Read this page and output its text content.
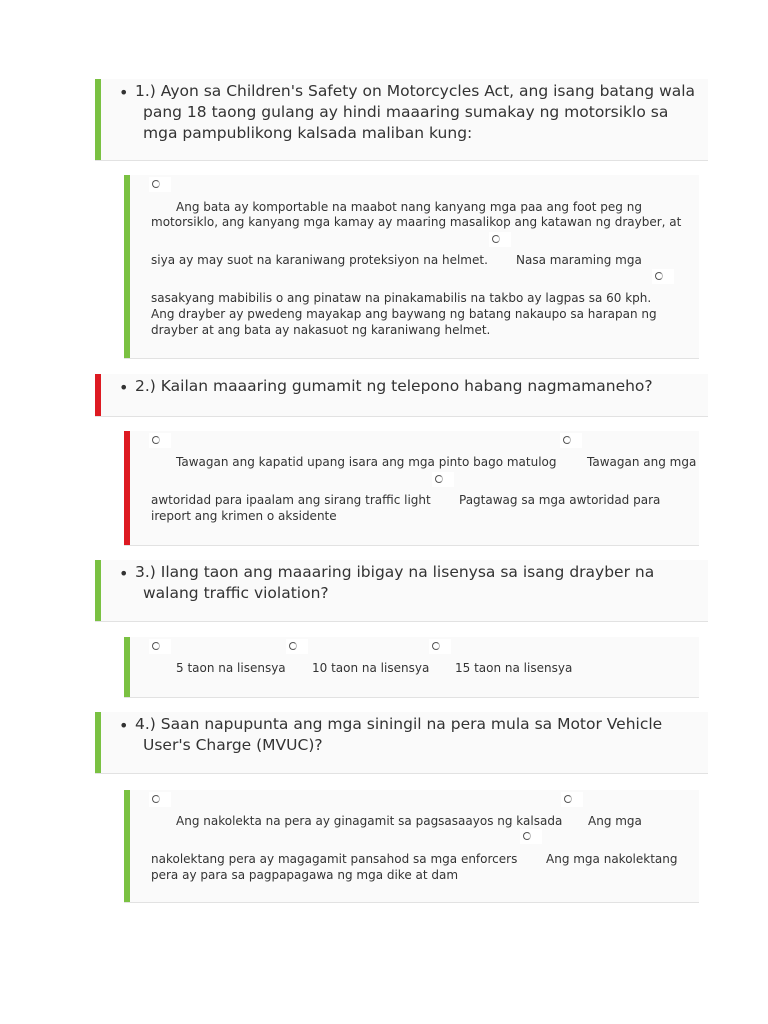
• 1.) Ayon sa Children's Safety on Motorcycles Act, ang isang batang wala
pang 18 taong gulang ay hindi maaaring sumakay ng motorsiklo sa
mga pampublikong kalsada maliban kung:
Ang bata ay komportable na maabot nang kanyang mga paa ang foot peg ng
motorsiklo, ang kanyang mga kamay ay maaring masalikop ang katawan ng drayber, at
siya ay may suot na karaniwang proteksiyon na helmet. Nasa maraming mga
sasakyang mabibilis o ang pinataw na pinakamabilis na takbo ay lagpas sa 60 kph.
Ang drayber ay pwedeng mayakap ang baywang ng batang nakaupo sa harapan ng
drayber at ang bata ay nakasuot ng karaniwang helmet.
• 2.) Kailan maaaring gumamit ng telepono habang nagmamaneho?
Tawagan ang kapatid upang isara ang mga pinto bago matulog	Tawagan ang mga
awtoridad para ipaalam ang sirang traffic light Pagtawag sa mga awtoridad para
ireport ang krimen o aksidente
• 3.) Ilang taon ang maaaring ibigay na lisenysa sa isang drayber na
walang traffic violation?
5 taon na lisensya 10 taon na lisensya 15 taon na lisensya
• 4.) Saan napupunta ang mga siningil na pera mula sa Motor Vehicle
User's Charge (MVUC)?
Ang nakolekta na pera ay ginagamit sa pagsasaayos ng kalsada Ang mga
nakolektang pera ay magagamit pansahod sa mga enforcers Ang mga nakolektang
pera ay para sa pagpapagawa ng mga dike at dam
